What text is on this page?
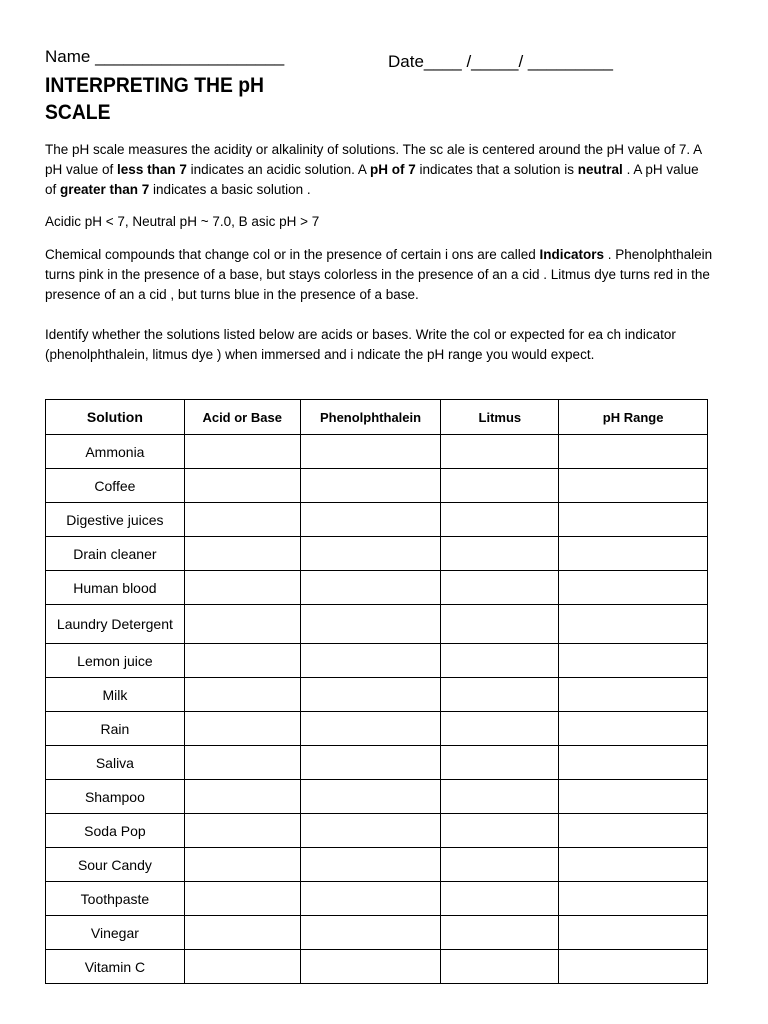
Name ____________________	Date____ /_____/ _________
INTERPRETING THE pH SCALE
The pH scale measures the acidity or alkalinity of solutions. The sc ale is centered around the pH value of 7. A pH value of less than 7 indicates an acidic solution. A pH of 7 indicates that a solution is neutral . A pH value of greater than 7 indicates a basic solution .
Acidic pH < 7, Neutral pH ~ 7.0, B asic pH > 7
Chemical compounds that change col or in the presence of certain i ons are called Indicators . Phenolphthalein turns pink in the presence of a base, but stays colorless in the presence of an a cid . Litmus dye turns red in the presence of an a cid , but turns blue in the presence of a base.
Identify whether the solutions listed below are acids or bases. Write the col or expected for ea ch indicator (phenolphthalein, litmus dye ) when immersed and i ndicate the pH range you would expect.
Solution	Acid or Base	Phenolphthalein	Litmus	pH Range
Ammonia				
Coffee				
Digestive juices				
Drain cleaner				
Human blood				
Laundry Detergent				
Lemon juice				
Milk				
Rain				
Saliva				
Shampoo				
Soda Pop				
Sour Candy				
Toothpaste				
Vinegar				
Vitamin C				
